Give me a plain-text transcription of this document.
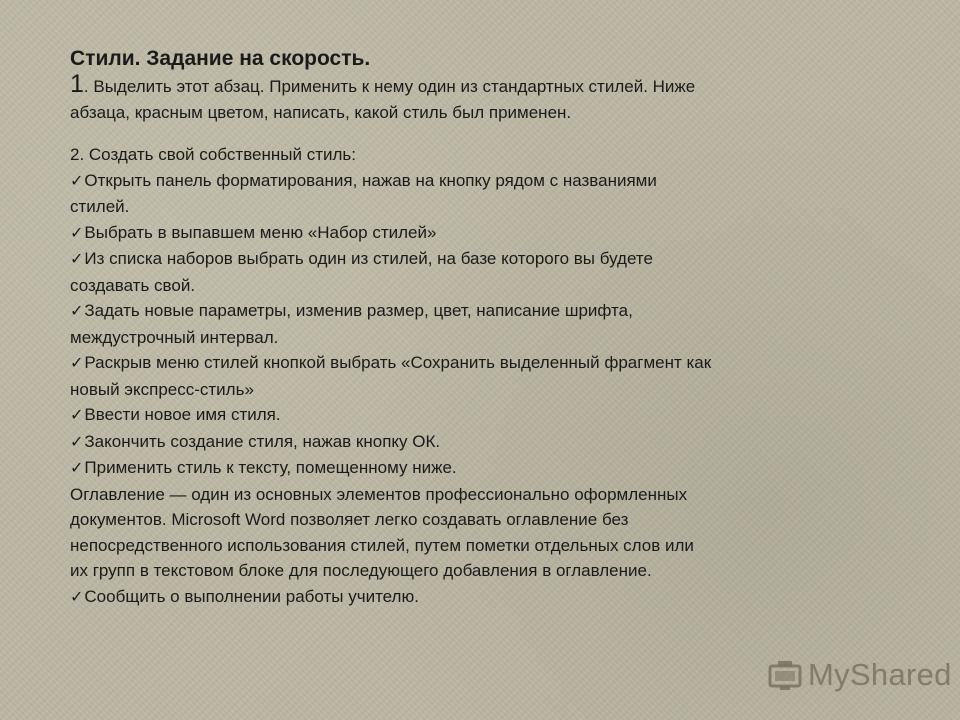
Стили. Задание на скорость.

1. Выделить этот абзац. Применить к нему один из стандартных стилей. Ниже

абзаца, красным цветом, написать, какой стиль был применен.

2. Создать свой собственный стиль:

✓Открыть панель форматирования, нажав на кнопку рядом с названиями
стилей.
✓Выбрать в выпавшем меню «Набор стилей»
✓Из списка наборов выбрать один из стилей, на базе которого вы будете
создавать свой.
✓Задать новые параметры, изменив размер, цвет, написание шрифта,
междустрочный интервал.
✓Раскрыв меню стилей кнопкой выбрать «Сохранить выделенный фрагмент как
новый экспресс-стиль»
✓Ввести новое имя стиля.
✓Закончить создание стиля, нажав кнопку ОК.
✓Применить стиль к тексту, помещенному ниже.
Оглавление — один из основных элементов профессионально оформленных
документов. Microsoft Word позволяет легко создавать оглавление без
непосредственного использования стилей, путем пометки отдельных слов или
их групп в текстовом блоке для последующего добавления в оглавление.
✓Сообщить о выполнении работы учителю.
MyShared
